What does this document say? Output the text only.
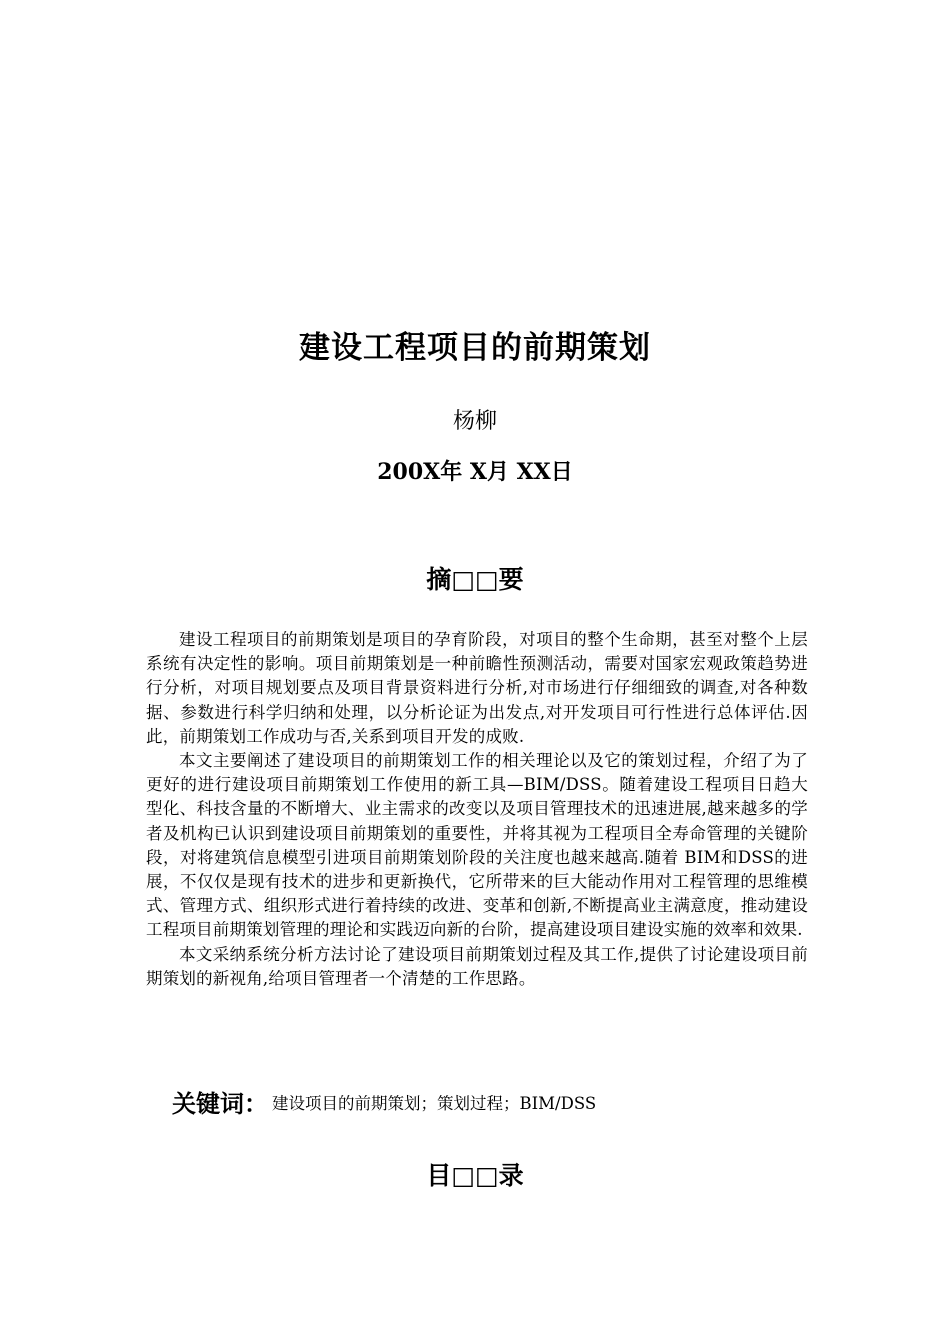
建设工程项目的前期策划
杨柳
200X年 X月 XX日
摘□□要

建设工程项目的前期策划是项目的孕育阶段，对项目的整个生命期，甚至对整个上层系统有决定性的影响。项目前期策划是一种前瞻性预测活动，需要对国家宏观政策趋势进行分析，对项目规划要点及项目背景资料进行分析,对市场进行仔细细致的调查,对各种数据、参数进行科学归纳和处理，以分析论证为出发点,对开发项目可行性进行总体评估.因此，前期策划工作成功与否,关系到项目开发的成败.

本文主要阐述了建设项目的前期策划工作的相关理论以及它的策划过程，介绍了为了更好的进行建设项目前期策划工作使用的新工具—BIM/DSS。随着建设工程项目日趋大型化、科技含量的不断增大、业主需求的改变以及项目管理技术的迅速进展,越来越多的学者及机构已认识到建设项目前期策划的重要性，并将其视为工程项目全寿命管理的关键阶段，对将建筑信息模型引进项目前期策划阶段的关注度也越来越高.随着 BIM和DSS的进展，不仅仅是现有技术的进步和更新换代，它所带来的巨大能动作用对工程管理的思维模式、管理方式、组织形式进行着持续的改进、变革和创新,不断提高业主满意度，推动建设工程项目前期策划管理的理论和实践迈向新的台阶，提高建设项目建设实施的效率和效果.

本文采纳系统分析方法讨论了建设项目前期策划过程及其工作,提供了讨论建设项目前期策划的新视角,给项目管理者一个清楚的工作思路。

关键词： 建设项目的前期策划；策划过程；BIM/DSS
目□□录
